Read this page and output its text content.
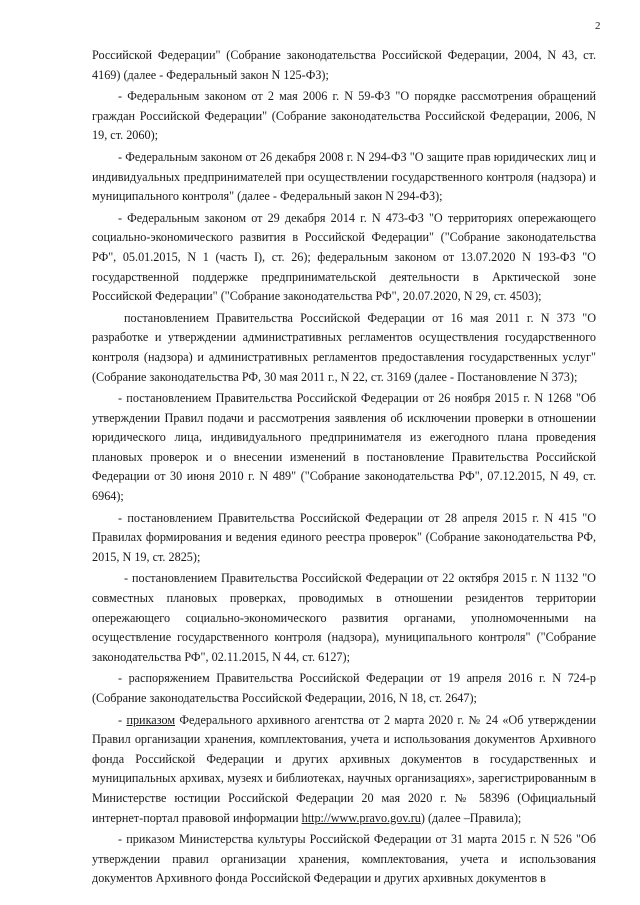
2

Российской Федерации" (Собрание законодательства Российской Федерации, 2004, N 43, ст. 4169) (далее - Федеральный закон N 125-ФЗ);

- Федеральным законом от 2 мая 2006 г. N 59-ФЗ "О порядке рассмотрения обращений граждан Российской Федерации" (Собрание законодательства Российской Федерации, 2006, N 19, ст. 2060);

- Федеральным законом от 26 декабря 2008 г. N 294-ФЗ "О защите прав юридических лиц и индивидуальных предпринимателей при осуществлении государственного контроля (надзора) и муниципального контроля" (далее - Федеральный закон N 294-ФЗ);

- Федеральным законом от 29 декабря 2014 г. N 473-ФЗ "О территориях опережающего социально-экономического развития в Российской Федерации" ("Собрание законодательства РФ", 05.01.2015, N 1 (часть I), ст. 26); федеральным законом от 13.07.2020 N 193-ФЗ "О государственной поддержке предпринимательской деятельности в Арктической зоне Российской Федерации" ("Собрание законодательства РФ", 20.07.2020, N 29, ст. 4503);

постановлением Правительства Российской Федерации от 16 мая 2011 г. N 373 "О разработке и утверждении административных регламентов осуществления государственного контроля (надзора) и административных регламентов предоставления государственных услуг" (Собрание законодательства РФ, 30 мая 2011 г., N 22, ст. 3169 (далее - Постановление N 373);

- постановлением Правительства Российской Федерации от 26 ноября 2015 г. N 1268 "Об утверждении Правил подачи и рассмотрения заявления об исключении проверки в отношении юридического лица, индивидуального предпринимателя из ежегодного плана проведения плановых проверок и о внесении изменений в постановление Правительства Российской Федерации от 30 июня 2010 г. N 489" ("Собрание законодательства РФ", 07.12.2015, N 49, ст. 6964);

- постановлением Правительства Российской Федерации от 28 апреля 2015 г. N 415 "О Правилах формирования и ведения единого реестра проверок" (Собрание законодательства РФ, 2015, N 19, ст. 2825);

- постановлением Правительства Российской Федерации от 22 октября 2015 г. N 1132 "О совместных плановых проверках, проводимых в отношении резидентов территории опережающего социально-экономического развития органами, уполномоченными на осуществление государственного контроля (надзора), муниципального контроля" ("Собрание законодательства РФ", 02.11.2015, N 44, ст. 6127);

- распоряжением Правительства Российской Федерации от 19 апреля 2016 г. N 724-р (Собрание законодательства Российской Федерации, 2016, N 18, ст. 2647);

- приказом Федерального архивного агентства от 2 марта 2020 г. № 24 «Об утверждении Правил организации хранения, комплектования, учета и использования документов Архивного фонда Российской Федерации и других архивных документов в государственных и муниципальных архивах, музеях и библиотеках, научных организациях», зарегистрированным в Министерстве юстиции Российской Федерации 20 мая 2020 г. № 58396 (Официальный интернет-портал правовой информации http://www.pravo.gov.ru) (далее –Правила);

- приказом Министерства культуры Российской Федерации от 31 марта 2015 г. N 526 "Об утверждении правил организации хранения, комплектования, учета и использования документов Архивного фонда Российской Федерации и других архивных документов в
